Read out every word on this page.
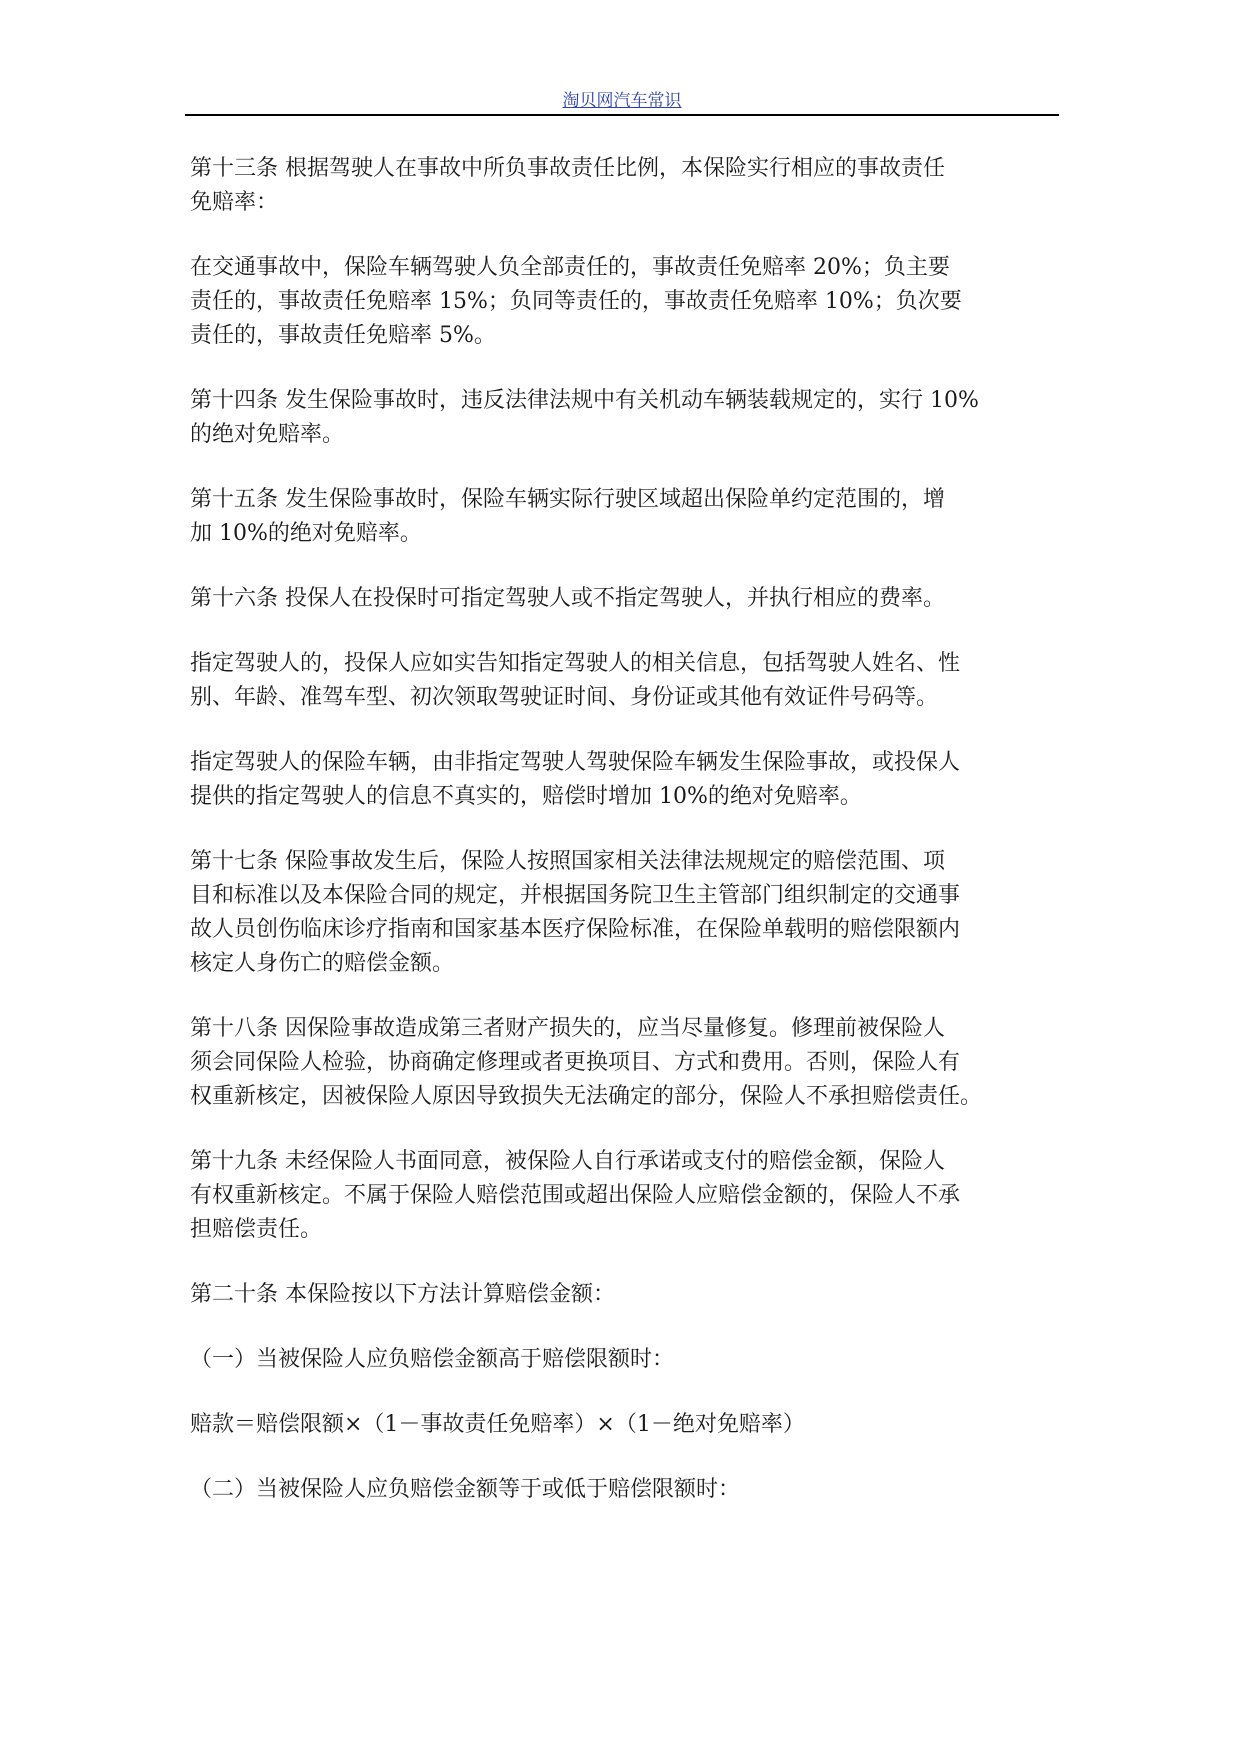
淘贝网汽车常识

第十三条 根据驾驶人在事故中所负事故责任比例，本保险实行相应的事故责任
免赔率：

在交通事故中，保险车辆驾驶人负全部责任的，事故责任免赔率 20%；负主要
责任的，事故责任免赔率 15%；负同等责任的，事故责任免赔率 10%；负次要
责任的，事故责任免赔率 5%。

第十四条 发生保险事故时，违反法律法规中有关机动车辆装载规定的，实行 10%
的绝对免赔率。

第十五条 发生保险事故时，保险车辆实际行驶区域超出保险单约定范围的，增
加 10%的绝对免赔率。

第十六条 投保人在投保时可指定驾驶人或不指定驾驶人，并执行相应的费率。

指定驾驶人的，投保人应如实告知指定驾驶人的相关信息，包括驾驶人姓名、性
别、年龄、准驾车型、初次领取驾驶证时间、身份证或其他有效证件号码等。

指定驾驶人的保险车辆，由非指定驾驶人驾驶保险车辆发生保险事故，或投保人
提供的指定驾驶人的信息不真实的，赔偿时增加 10%的绝对免赔率。

第十七条 保险事故发生后，保险人按照国家相关法律法规规定的赔偿范围、项
目和标准以及本保险合同的规定，并根据国务院卫生主管部门组织制定的交通事
故人员创伤临床诊疗指南和国家基本医疗保险标准，在保险单载明的赔偿限额内
核定人身伤亡的赔偿金额。

第十八条 因保险事故造成第三者财产损失的，应当尽量修复。修理前被保险人
须会同保险人检验，协商确定修理或者更换项目、方式和费用。否则，保险人有
权重新核定，因被保险人原因导致损失无法确定的部分，保险人不承担赔偿责任。

第十九条 未经保险人书面同意，被保险人自行承诺或支付的赔偿金额，保险人
有权重新核定。不属于保险人赔偿范围或超出保险人应赔偿金额的，保险人不承
担赔偿责任。

第二十条 本保险按以下方法计算赔偿金额：

（一）当被保险人应负赔偿金额高于赔偿限额时：

赔款＝赔偿限额×（1－事故责任免赔率）×（1－绝对免赔率）

（二）当被保险人应负赔偿金额等于或低于赔偿限额时：
